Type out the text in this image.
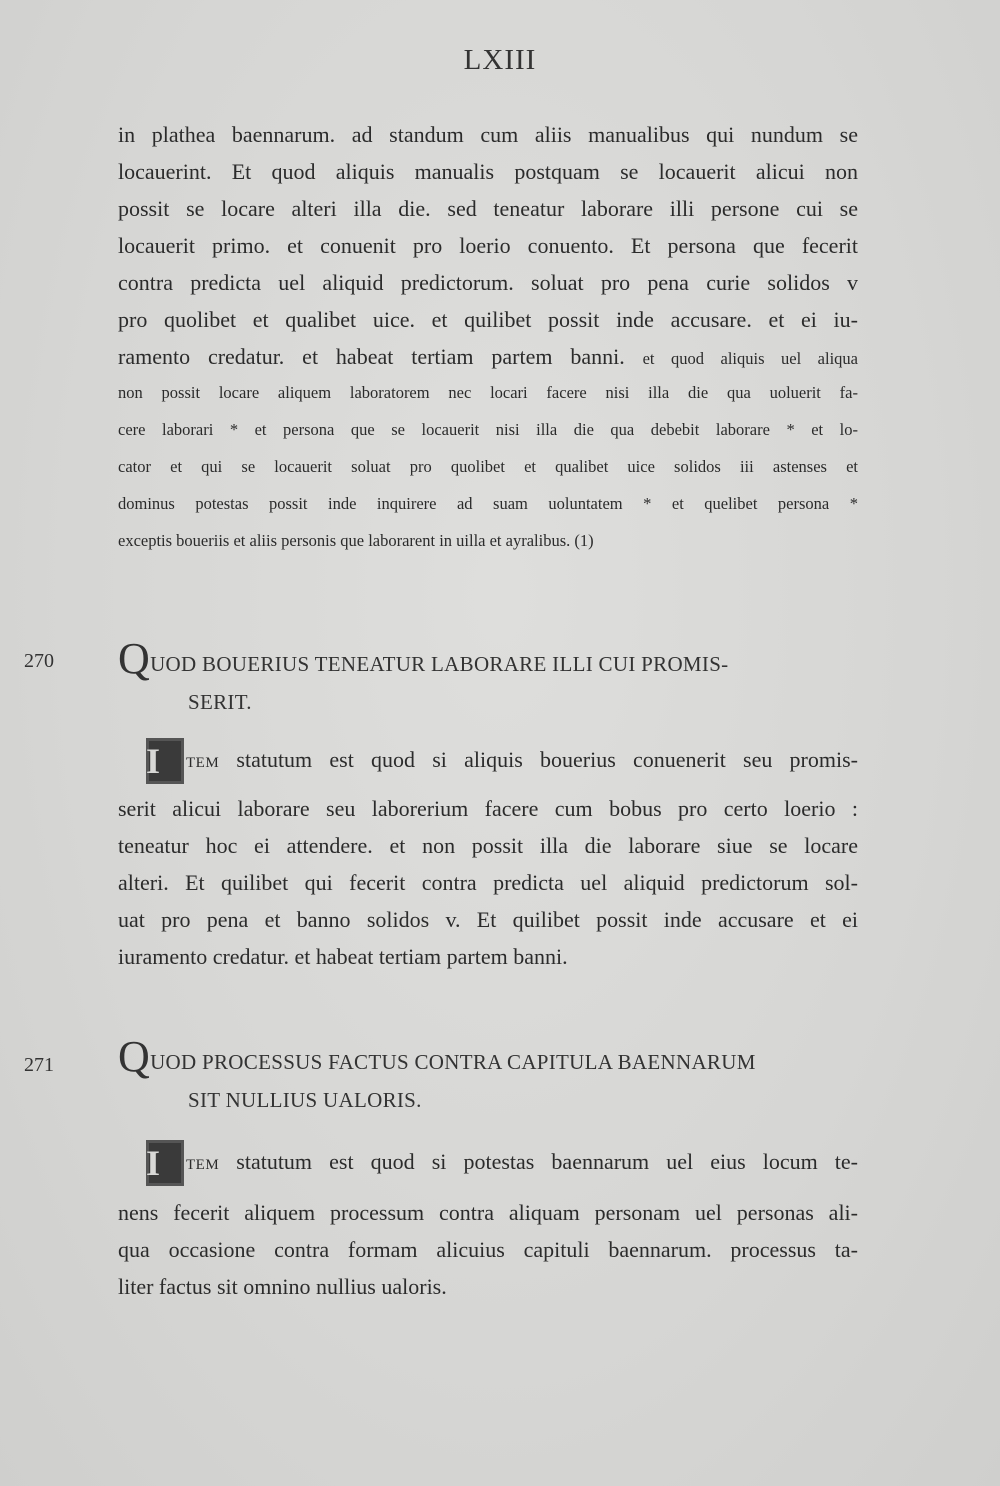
LXIII
in plathea baennarum. ad standum cum aliis manualibus qui nundum se
locauerint. Et quod aliquis manualis postquam se locauerit alicui non
possit se locare alteri illa die. sed teneatur laborare illi persone cui se
locauerit primo. et conuenit pro loerio conuento. Et persona que fecerit
contra predicta uel aliquid predictorum. soluat pro pena curie solidos v
pro quolibet et qualibet uice. et quilibet possit inde accusare. et ei iu-
ramento credatur. et habeat tertiam partem banni. et quod aliquis uel aliqua
non possit locare aliquem laboratorem nec locari facere nisi illa die qua uoluerit fa-
cere laborari * et persona que se locauerit nisi illa die qua debebit laborare * et lo-
cator et qui se locauerit soluat pro quolibet et qualibet uice solidos iii astenses et
dominus potestas possit inde inquirere ad suam uoluntatem * et quelibet persona *
exceptis boueriis et aliis personis que laborarent in uilla et ayralibus. (1)
270 QUOD BOUERIUS TENEATUR LABORARE ILLI CUI PROMIS-
SERIT.
I TEM statutum est quod si aliquis bouerius conuenerit seu promis-
serit alicui laborare seu laborerium facere cum bobus pro certo loerio :
teneatur hoc ei attendere. et non possit illa die laborare siue se locare
alteri. Et quilibet qui fecerit contra predicta uel aliquid predictorum sol-
uat pro pena et banno solidos v. Et quilibet possit inde accusare et ei
iuramento credatur. et habeat tertiam partem banni.
271 QUOD PROCESSUS FACTUS CONTRA CAPITULA BAENNARUM
SIT NULLIUS UALORIS.
I TEM statutum est quod si potestas baennarum uel eius locum te-
nens fecerit aliquem processum contra aliquam personam uel personas ali-
qua occasione contra formam alicuius capituli baennarum. processus ta-
liter factus sit omnino nullius ualoris.
